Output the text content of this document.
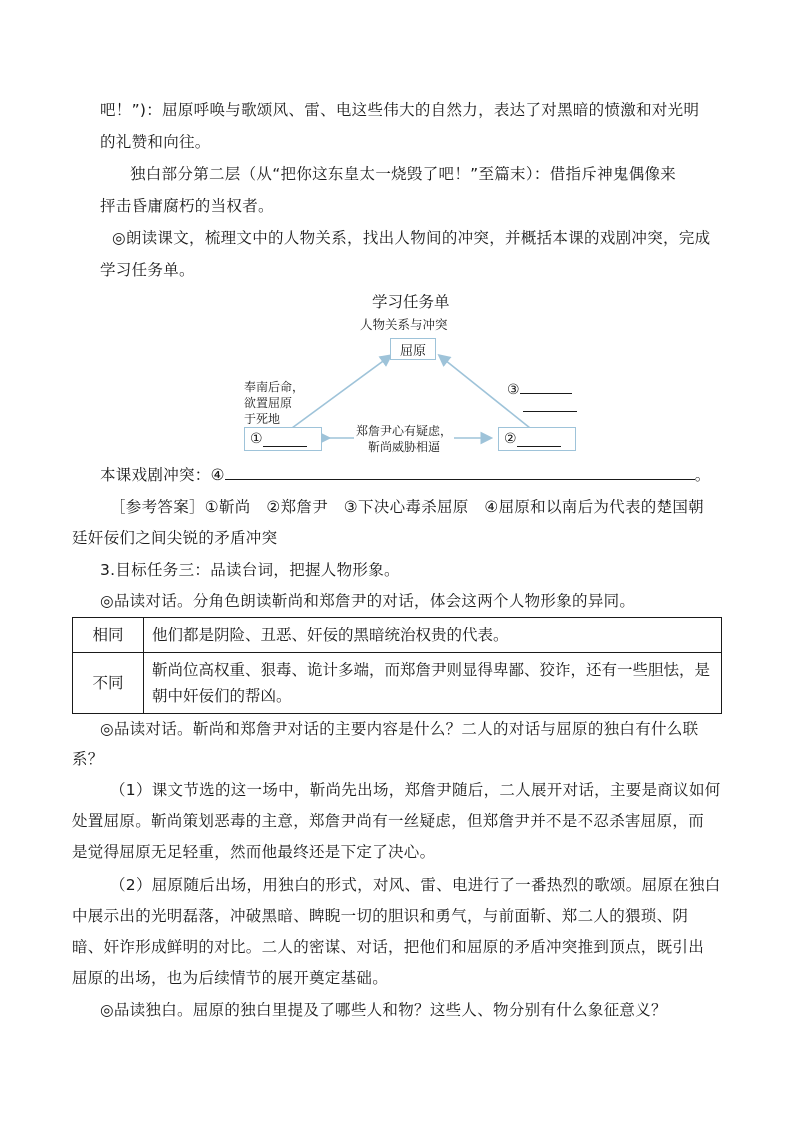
吧！”)：屈原呼唤与歌颂风、雷、电这些伟大的自然力，表达了对黑暗的愤激和对光明
的礼赞和向往。
独白部分第二层（从“把你这东皇太一烧毁了吧！”至篇末）：借指斥神鬼偶像来
抨击昏庸腐朽的当权者。
◎朗读课文，梳理文中的人物关系，找出人物间的冲突，并概括本课的戏剧冲突，完成
学习任务单。
学习任务单
人物关系与冲突
屈原
奉南后命，
欲置屈原
于死地
③
①	②
郑詹尹心有疑虑，
靳尚威胁相逼
本课戏剧冲突：④	。
［参考答案］①靳尚　②郑詹尹　③下决心毒杀屈原　④屈原和以南后为代表的楚国朝
廷奸佞们之间尖锐的矛盾冲突
3.目标任务三：品读台词，把握人物形象。
◎品读对话。分角色朗读靳尚和郑詹尹的对话，体会这两个人物形象的异同。
相同	他们都是阴险、丑恶、奸佞的黑暗统治权贵的代表。
不同	靳尚位高权重、狠毒、诡计多端，而郑詹尹则显得卑鄙、狡诈，还有一些胆怯，是朝中奸佞们的帮凶。
◎品读对话。靳尚和郑詹尹对话的主要内容是什么？二人的对话与屈原的独白有什么联
系？
（1）课文节选的这一场中，靳尚先出场，郑詹尹随后，二人展开对话，主要是商议如何
处置屈原。靳尚策划恶毒的主意，郑詹尹尚有一丝疑虑，但郑詹尹并不是不忍杀害屈原，而
是觉得屈原无足轻重，然而他最终还是下定了决心。
（2）屈原随后出场，用独白的形式，对风、雷、电进行了一番热烈的歌颂。屈原在独白
中展示出的光明磊落，冲破黑暗、睥睨一切的胆识和勇气，与前面靳、郑二人的猥琐、阴
暗、奸诈形成鲜明的对比。二人的密谋、对话，把他们和屈原的矛盾冲突推到顶点，既引出
屈原的出场，也为后续情节的展开奠定基础。
◎品读独白。屈原的独白里提及了哪些人和物？这些人、物分别有什么象征意义？
